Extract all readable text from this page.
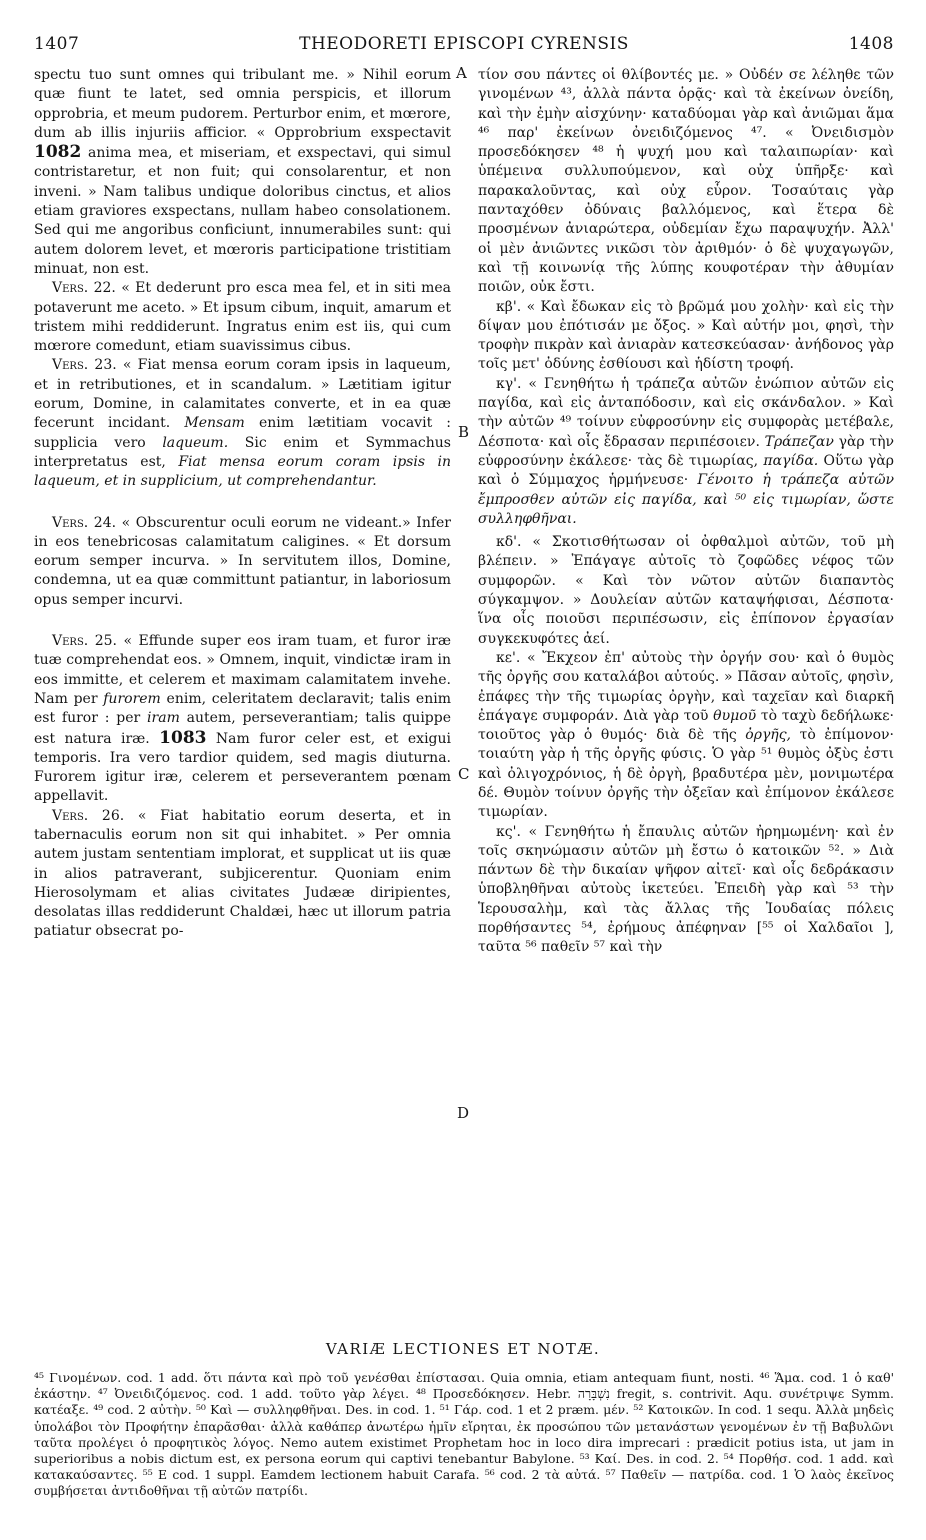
1407	THEODORETI EPISCOPI CYRENSIS	1408
A
B
C
D

spectu tuo sunt omnes qui tribulant me. » Nihil eorum quæ fiunt te latet, sed omnia perspicis, et illorum opprobria, et meum pudorem. Perturbor enim, et mœrore, dum ab illis injuriis afficior. « Opprobrium exspectavit 1082 anima mea, et miseriam, et exspectavi, qui simul contristaretur, et non fuit; qui consolarentur, et non inveni. » Nam talibus undique doloribus cinctus, et alios etiam graviores exspectans, nullam habeo consolationem. Sed qui me angoribus conficiunt, innumerabiles sunt: qui autem dolorem levet, et mœroris participatione tristitiam minuat, non est.

Vers. 22. « Et dederunt pro esca mea fel, et in siti mea potaverunt me aceto. » Et ipsum cibum, inquit, amarum et tristem mihi reddiderunt. Ingratus enim est iis, qui cum mœrore comedunt, etiam suavissimus cibus.

Vers. 23. « Fiat mensa eorum coram ipsis in laqueum, et in retributiones, et in scandalum. » Lætitiam igitur eorum, Domine, in calamitates converte, et in ea quæ fecerunt incidant. Mensam enim lætitiam vocavit : supplicia vero laqueum. Sic enim et Symmachus interpretatus est, Fiat mensa eorum coram ipsis in laqueum, et in supplicium, ut comprehendantur.

Vers. 24. « Obscurentur oculi eorum ne videant.» Infer in eos tenebricosas calamitatum caligines. « Et dorsum eorum semper incurva. » In servitutem illos, Domine, condemna, ut ea quæ committunt patiantur, in laboriosum opus semper incurvi.

Vers. 25. « Effunde super eos iram tuam, et furor iræ tuæ comprehendat eos. » Omnem, inquit, vindictæ iram in eos immitte, et celerem et maximam calamitatem invehe. Nam per furorem enim, celeritatem declaravit; talis enim est furor : per iram autem, perseverantiam; talis quippe est natura iræ. 1083 Nam furor celer est, et exigui temporis. Ira vero tardior quidem, sed magis diuturna. Furorem igitur iræ, celerem et perseverantem pœnam appellavit.

Vers. 26. « Fiat habitatio eorum deserta, et in tabernaculis eorum non sit qui inhabitet. » Per omnia autem justam sententiam implorat, et supplicat ut iis quæ in alios patraverant, subjicerentur. Quoniam enim Hierosolymam et alias civitates Judææ diripientes, desolatas illas reddiderunt Chaldæi, hæc ut illorum patria patiatur obsecrat po-

τίον σου πάντες οἱ θλίβοντές με. » Οὐδέν σε λέληθε τῶν γινομένων ⁴³, ἀλλὰ πάντα ὁρᾷς· καὶ τὰ ἐκείνων ὀνείδη, καὶ τὴν ἐμὴν αἰσχύνην· καταδύομαι γὰρ καὶ ἀνιῶμαι ἅμα ⁴⁶ παρ' ἐκείνων ὀνειδιζόμενος ⁴⁷. « Ὀνειδισμὸν προσεδόκησεν ⁴⁸ ἡ ψυχή μου καὶ ταλαιπωρίαν· καὶ ὑπέμεινα συλλυπούμενον, καὶ οὐχ ὑπῆρξε· καὶ παρακαλοῦντας, καὶ οὐχ εὗρον. Τοσαύταις γὰρ πανταχόθεν ὀδύναις βαλλόμενος, καὶ ἕτερα δὲ προσμένων ἀνιαρώτερα, οὐδεμίαν ἔχω παραψυχήν. Ἀλλ' οἱ μὲν ἀνιῶντες νικῶσι τὸν ἀριθμόν· ὁ δὲ ψυχαγωγῶν, καὶ τῇ κοινωνίᾳ τῆς λύπης κουφοτέραν τὴν ἀθυμίαν ποιῶν, οὐκ ἔστι.

κβ'. « Καὶ ἔδωκαν εἰς τὸ βρῶμά μου χολὴν· καὶ εἰς τὴν δίψαν μου ἐπότισάν με ὄξος. » Καὶ αὐτήν μοι, φησὶ, τὴν τροφὴν πικρὰν καὶ ἀνιαρὰν κατεσκεύασαν· ἀνήδονος γὰρ τοῖς μετ' ὀδύνης ἐσθίουσι καὶ ἡδίστη τροφή.

κγ'. « Γενηθήτω ἡ τράπεζα αὐτῶν ἐνώπιον αὐτῶν εἰς παγίδα, καὶ εἰς ἀνταπόδοσιν, καὶ εἰς σκάνδαλον. » Καὶ τὴν αὐτῶν ⁴⁹ τοίνυν εὐφροσύνην εἰς συμφορὰς μετέβαλε, Δέσποτα· καὶ οἷς ἔδρασαν περιπέσοιεν. Τράπεζαν γὰρ τὴν εὐφροσύνην ἐκάλεσε· τὰς δὲ τιμωρίας, παγίδα. Οὕτω γὰρ καὶ ὁ Σύμμαχος ἡρμήνευσε· Γένοιτο ἡ τράπεζα αὐτῶν ἔμπροσθεν αὐτῶν εἰς παγίδα, καὶ ⁵⁰ εἰς τιμωρίαν, ὥστε συλληφθῆναι.

κδ'. « Σκοτισθήτωσαν οἱ ὀφθαλμοὶ αὐτῶν, τοῦ μὴ βλέπειν. » Ἐπάγαγε αὐτοῖς τὸ ζοφῶδες νέφος τῶν συμφορῶν. « Καὶ τὸν νῶτον αὐτῶν διαπαντὸς σύγκαμψον. » Δουλείαν αὐτῶν καταψήφισαι, Δέσποτα· ἵνα οἷς ποιοῦσι περιπέσωσιν, εἰς ἐπίπονον ἐργασίαν συγκεκυφότες ἀεί.

κε'. « Ἔκχεον ἐπ' αὐτοὺς τὴν ὀργήν σου· καὶ ὁ θυμὸς τῆς ὀργῆς σου καταλάβοι αὐτούς. » Πᾶσαν αὐτοῖς, φησὶν, ἐπάφες τὴν τῆς τιμωρίας ὀργὴν, καὶ ταχεῖαν καὶ διαρκῆ ἐπάγαγε συμφοράν. Διὰ γὰρ τοῦ θυμοῦ τὸ ταχὺ δεδήλωκε· τοιοῦτος γὰρ ὁ θυμός· διὰ δὲ τῆς ὀργῆς, τὸ ἐπίμονον· τοιαύτη γὰρ ἡ τῆς ὀργῆς φύσις. Ὁ γὰρ ⁵¹ θυμὸς ὀξὺς ἐστι καὶ ὀλιγοχρόνιος, ἡ δὲ ὀργὴ, βραδυτέρα μὲν, μονιμωτέρα δέ. Θυμὸν τοίνυν ὀργῆς τὴν ὀξεῖαν καὶ ἐπίμονον ἐκάλεσε τιμωρίαν.

κς'. « Γενηθήτω ἡ ἔπαυλις αὐτῶν ἠρημωμένη· καὶ ἐν τοῖς σκηνώμασιν αὐτῶν μὴ ἔστω ὁ κατοικῶν ⁵². » Διὰ πάντων δὲ τὴν δικαίαν ψῆφον αἰτεῖ· καὶ οἷς δεδράκασιν ὑποβληθῆναι αὐτοὺς ἱκετεύει. Ἐπειδὴ γὰρ καὶ ⁵³ τὴν Ἱερουσαλὴμ, καὶ τὰς ἄλλας τῆς Ἰουδαίας πόλεις πορθήσαντες ⁵⁴, ἐρήμους ἀπέφηναν [⁵⁵ οἱ Χαλδαῖοι ], ταῦτα ⁵⁶ παθεῖν ⁵⁷ καὶ τὴν

VARIÆ LECTIONES ET NOTÆ.

⁴⁵ Γινομένων. cod. 1 add. ὅτι πάντα καὶ πρὸ τοῦ γενέσθαι ἐπίστασαι. Quia omnia, etiam antequam fiunt, nosti. ⁴⁶ Ἅμα. cod. 1 ὁ καθ' ἑκάστην. ⁴⁷ Ὀνειδιζόμενος. cod. 1 add. τοῦτο γὰρ λέγει. ⁴⁸ Προσεδόκησεν. Hebr. נִשְׁבָּרָה fregit, s. contrivit. Aqu. συνέτριψε Symm. κατέαξε. ⁴⁹ cod. 2 αὐτὴν. ⁵⁰ Καὶ — συλληφθῆναι. Des. in cod. 1. ⁵¹ Γάρ. cod. 1 et 2 præm. μέν. ⁵² Κατοικῶν. In cod. 1 sequ. Ἀλλὰ μηδεὶς ὑπολάβοι τὸν Προφήτην ἐπαρᾶσθαι· ἀλλὰ καθάπερ ἀνωτέρω ἡμῖν εἴρηται, ἐκ προσώπου τῶν μετανάστων γενομένων ἐν τῇ Βαβυλῶνι ταῦτα προλέγει ὁ προφητικὸς λόγος. Nemo autem existimet Prophetam hoc in loco dira imprecari : prædicit potius ista, ut jam in superioribus a nobis dictum est, ex persona eorum qui captivi tenebantur Babylone. ⁵³ Καί. Des. in cod. 2. ⁵⁴ Πορθήσ. cod. 1 add. καὶ κατακαύσαντες. ⁵⁵ E cod. 1 suppl. Eamdem lectionem habuit Carafa. ⁵⁶ cod. 2 τὰ αὐτά. ⁵⁷ Παθεῖν — πατρίδα. cod. 1 Ὁ λαὸς ἐκεῖνος συμβήσεται ἀντιδοθῆναι τῇ αὐτῶν πατρίδι.
